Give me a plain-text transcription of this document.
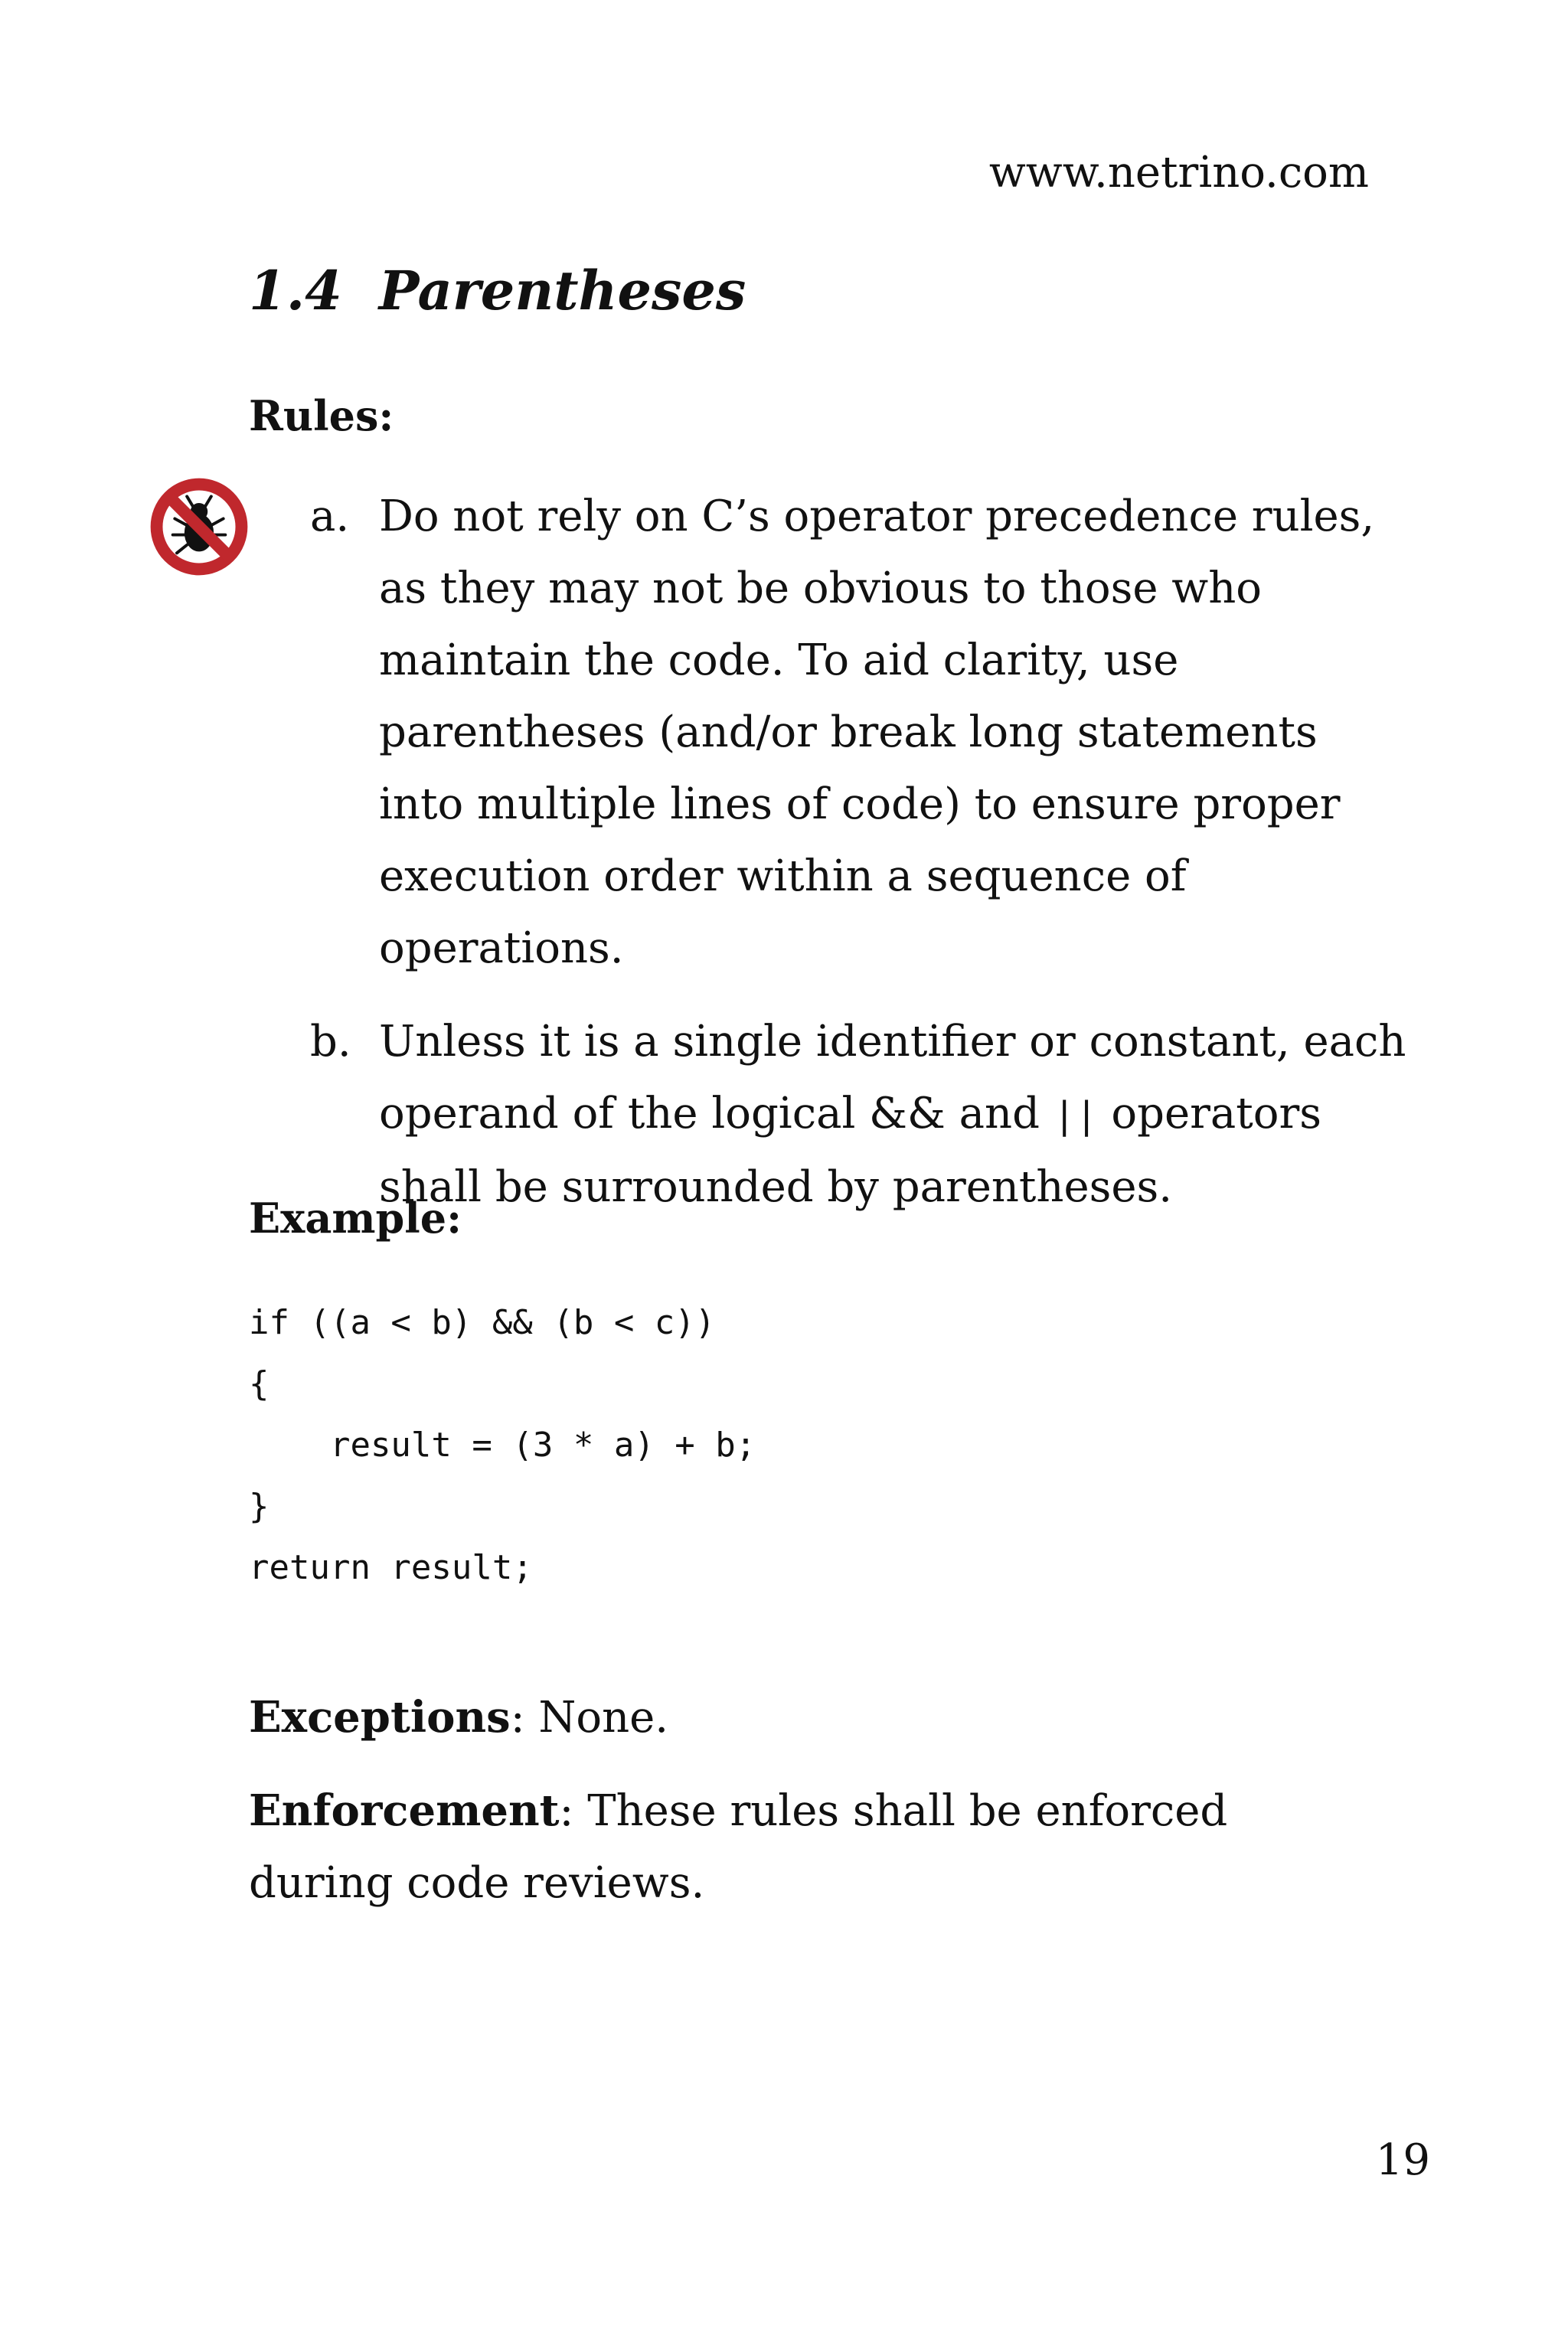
www.netrino.com
1.4 Parentheses
Rules:
a. Do not rely on C’s operator precedence rules, as they may not be obvious to those who maintain the code. To aid clarity, use parentheses (and/or break long statements into multiple lines of code) to ensure proper execution order within a sequence of operations.
b. Unless it is a single identifier or constant, each operand of the logical && and || operators shall be surrounded by parentheses.
Example:
if ((a < b) && (b < c))
{
result = (3 * a) + b;
}
return result;
Exceptions: None.
Enforcement: These rules shall be enforced during code reviews.
19
